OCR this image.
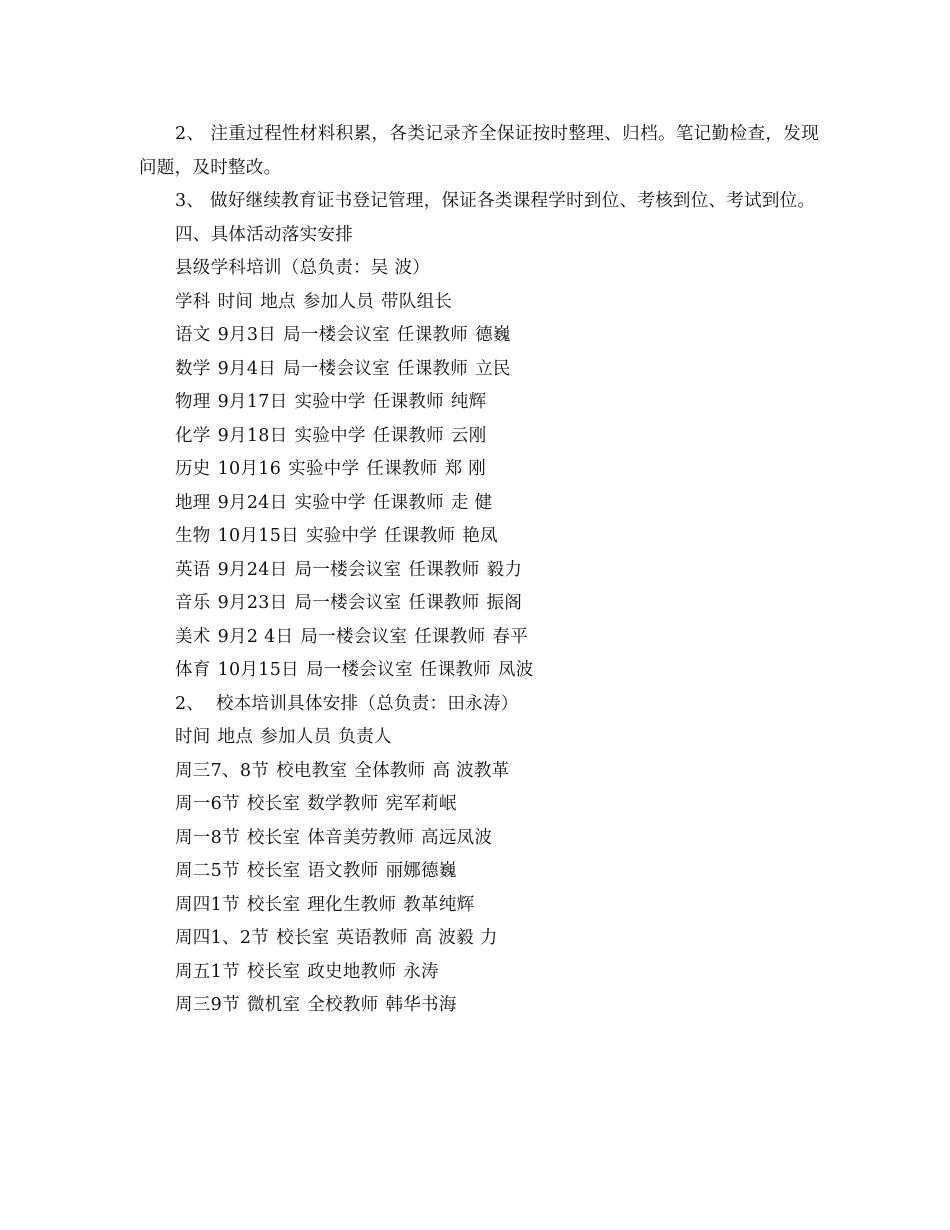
2、 注重过程性材料积累，各类记录齐全保证按时整理、归档。笔记勤检查，发现问题，及时整改。

3、 做好继续教育证书登记管理，保证各类课程学时到位、考核到位、考试到位。

四、具体活动落实安排

县级学科培训（总负责：吴 波）

学科 时间 地点 参加人员 带队组长

语文 9月3日 局一楼会议室 任课教师 德巍

数学 9月4日 局一楼会议室 任课教师 立民

物理 9月17日 实验中学 任课教师 纯辉

化学 9月18日 实验中学 任课教师 云刚

历史 10月16 实验中学 任课教师 郑 刚

地理 9月24日 实验中学 任课教师 走 健

生物 10月15日 实验中学 任课教师 艳凤

英语 9月24日 局一楼会议室 任课教师 毅力

音乐 9月23日 局一楼会议室 任课教师 振阁

美术 9月2 4日 局一楼会议室 任课教师 春平

体育 10月15日 局一楼会议室 任课教师 凤波

2、  校本培训具体安排（总负责：田永涛）

时间 地点 参加人员 负责人

周三7、8节 校电教室 全体教师 高 波教革

周一6节 校长室 数学教师 宪军莉岷

周一8节 校长室 体音美劳教师 高远凤波

周二5节 校长室 语文教师 丽娜德巍

周四1节 校长室 理化生教师 教革纯辉

周四1、2节 校长室 英语教师 高 波毅 力

周五1节 校长室 政史地教师 永涛

周三9节 微机室 全校教师 韩华书海
